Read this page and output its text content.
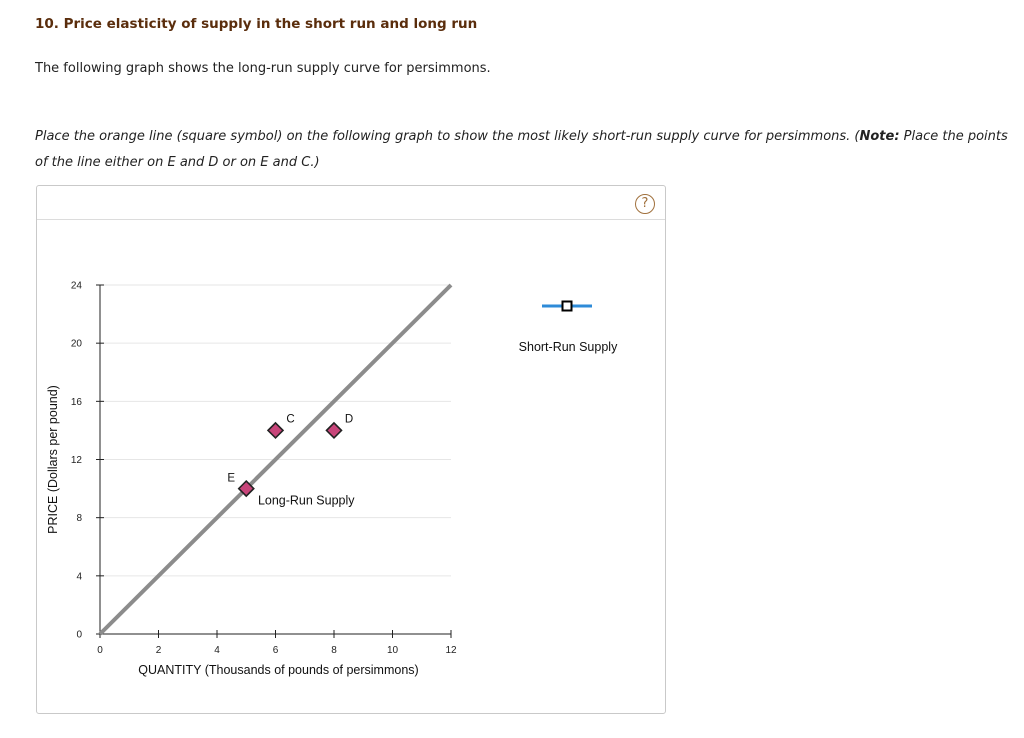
10. Price elasticity of supply in the short run and long run

The following graph shows the long-run supply curve for persimmons.

Place the orange line (square symbol) on the following graph to show the most likely short-run supply curve for persimmons. (Note: Place the points of the line either on E and D or on E and C.)

?
0
4
8
12
16
20
24
0	2	4	6	8	10	12
QUANTITY (Thousands of pounds of persimmons)
PRICE (Dollars per pound)	Long-Run Supply
C	D
E
Short-Run Supply
